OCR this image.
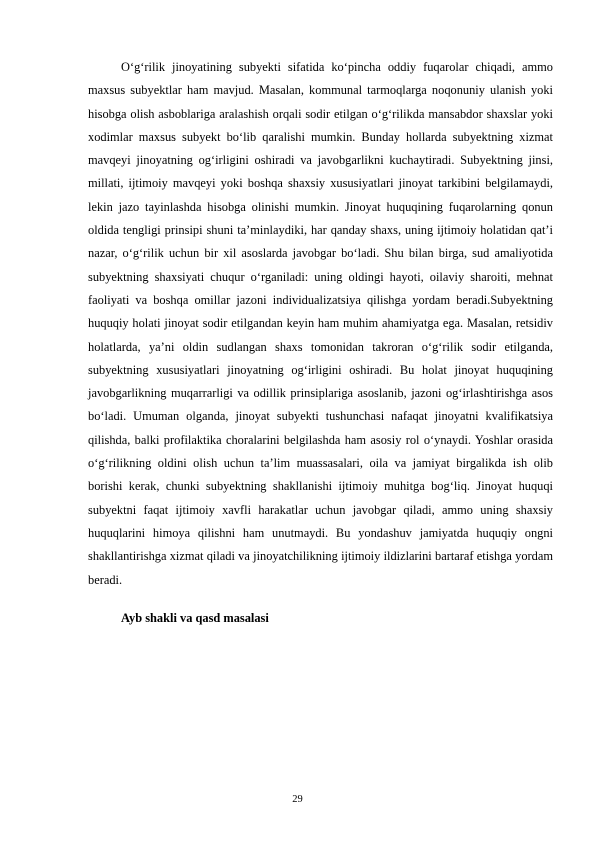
O‘g‘rilik jinoyatining subyekti sifatida ko‘pincha oddiy fuqarolar chiqadi, ammo maxsus subyektlar ham mavjud. Masalan, kommunal tarmoqlarga noqonuniy ulanish yoki hisobga olish asboblariga aralashish orqali sodir etilgan o‘g‘rilikda mansabdor shaxslar yoki xodimlar maxsus subyekt bo‘lib qaralishi mumkin. Bunday hollarda subyektning xizmat mavqeyi jinoyatning og‘irligini oshiradi va javobgarlikni kuchaytiradi. Subyektning jinsi, millati, ijtimoiy mavqeyi yoki boshqa shaxsiy xususiyatlari jinoyat tarkibini belgilamaydi, lekin jazo tayinlashda hisobga olinishi mumkin. Jinoyat huquqining fuqarolarning qonun oldida tengligi prinsipi shuni ta’minlaydiki, har qanday shaxs, uning ijtimoiy holatidan qat’i nazar, o‘g‘rilik uchun bir xil asoslarda javobgar bo‘ladi. Shu bilan birga, sud amaliyotida subyektning shaxsiyati chuqur o‘rganiladi: uning oldingi hayoti, oilaviy sharoiti, mehnat faoliyati va boshqa omillar jazoni individualizatsiya qilishga yordam beradi.Subyektning huquqiy holati jinoyat sodir etilgandan keyin ham muhim ahamiyatga ega. Masalan, retsidiv holatlarda, ya’ni oldin sudlangan shaxs tomonidan takroran o‘g‘rilik sodir etilganda, subyektning xususiyatlari jinoyatning og‘irligini oshiradi. Bu holat jinoyat huquqining javobgarlikning muqarrarligi va odillik prinsiplariga asoslanib, jazoni og‘irlashtirishga asos bo‘ladi. Umuman olganda, jinoyat subyekti tushunchasi nafaqat jinoyatni kvalifikatsiya qilishda, balki profilaktika choralarini belgilashda ham asosiy rol o‘ynaydi. Yoshlar orasida o‘g‘rilikning oldini olish uchun ta’lim muassasalari, oila va jamiyat birgalikda ish olib borishi kerak, chunki subyektning shakllanishi ijtimoiy muhitga bog‘liq. Jinoyat huquqi subyektni faqat ijtimoiy xavfli harakatlar uchun javobgar qiladi, ammo uning shaxsiy huquqlarini himoya qilishni ham unutmaydi. Bu yondashuv jamiyatda huquqiy ongni shakllantirishga xizmat qiladi va jinoyatchilikning ijtimoiy ildizlarini bartaraf etishga yordam beradi.

Ayb shakli va qasd masalasi

29
